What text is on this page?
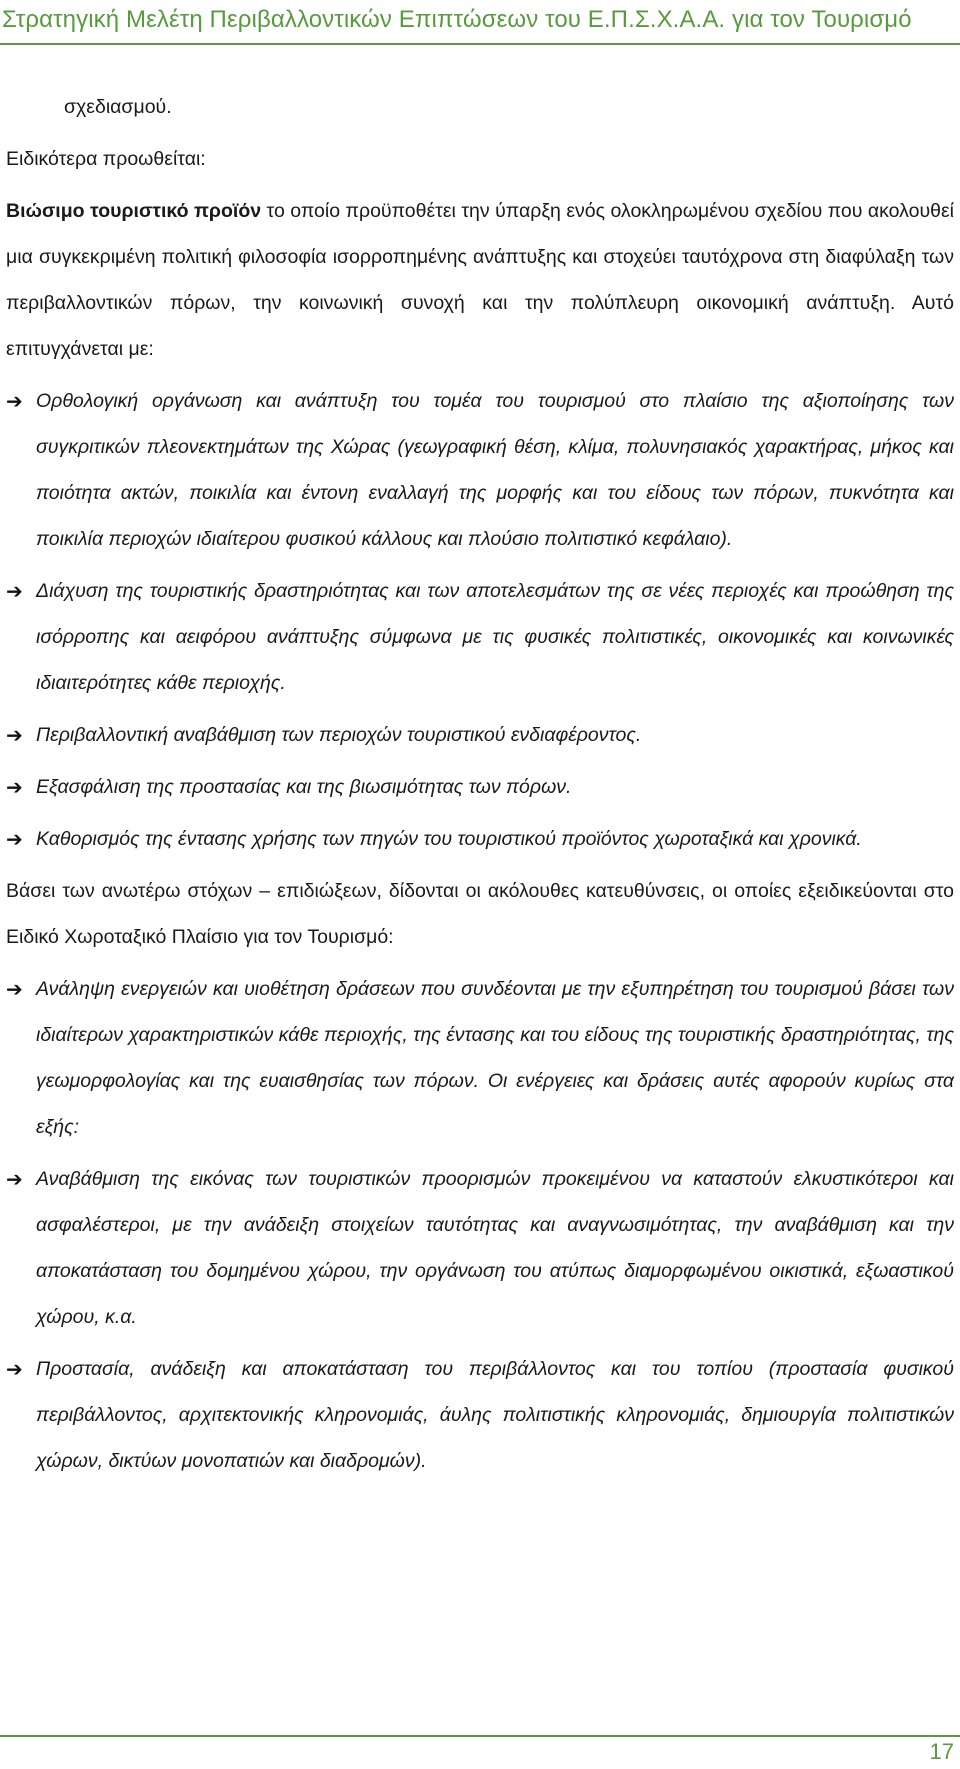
Στρατηγική Μελέτη Περιβαλλοντικών Επιπτώσεων του Ε.Π.Σ.Χ.Α.Α. για τον Τουρισμό

σχεδιασμού.

Ειδικότερα προωθείται:

Βιώσιμο τουριστικό προϊόν το οποίο προϋποθέτει την ύπαρξη ενός ολοκληρωμένου σχεδίου που ακολουθεί μια συγκεκριμένη πολιτική φιλοσοφία ισορροπημένης ανάπτυξης και στοχεύει ταυτόχρονα στη διαφύλαξη των περιβαλλοντικών πόρων, την κοινωνική συνοχή και την πολύπλευρη οικονομική ανάπτυξη. Αυτό επιτυγχάνεται με:

➔ Ορθολογική οργάνωση και ανάπτυξη του τομέα του τουρισμού στο πλαίσιο της αξιοποίησης των συγκριτικών πλεονεκτημάτων της Χώρας (γεωγραφική θέση, κλίμα, πολυνησιακός χαρακτήρας, μήκος και ποιότητα ακτών, ποικιλία και έντονη εναλλαγή της μορφής και του είδους των πόρων, πυκνότητα και ποικιλία περιοχών ιδιαίτερου φυσικού κάλλους και πλούσιο πολιτιστικό κεφάλαιο).

➔ Διάχυση της τουριστικής δραστηριότητας και των αποτελεσμάτων της σε νέες περιοχές και προώθηση της ισόρροπης και αειφόρου ανάπτυξης σύμφωνα με τις φυσικές πολιτιστικές, οικονομικές και κοινωνικές ιδιαιτερότητες κάθε περιοχής.

➔ Περιβαλλοντική αναβάθμιση των περιοχών τουριστικού ενδιαφέροντος.

➔ Εξασφάλιση της προστασίας και της βιωσιμότητας των πόρων.

➔ Καθορισμός της έντασης χρήσης των πηγών του τουριστικού προϊόντος χωροταξικά και χρονικά.

Βάσει των ανωτέρω στόχων – επιδιώξεων, δίδονται οι ακόλουθες κατευθύνσεις, οι οποίες εξειδικεύονται στο Ειδικό Χωροταξικό Πλαίσιο για τον Τουρισμό:

➔ Ανάληψη ενεργειών και υιοθέτηση δράσεων που συνδέονται με την εξυπηρέτηση του τουρισμού βάσει των ιδιαίτερων χαρακτηριστικών κάθε περιοχής, της έντασης και του είδους της τουριστικής δραστηριότητας, της γεωμορφολογίας και της ευαισθησίας των πόρων. Οι ενέργειες και δράσεις αυτές αφορούν κυρίως στα εξής:

➔ Αναβάθμιση της εικόνας των τουριστικών προορισμών προκειμένου να καταστούν ελκυστικότεροι και ασφαλέστεροι, με την ανάδειξη στοιχείων ταυτότητας και αναγνωσιμότητας, την αναβάθμιση και την αποκατάσταση του δομημένου χώρου, την οργάνωση του ατύπως διαμορφωμένου οικιστικά, εξωαστικού χώρου, κ.α.

➔ Προστασία, ανάδειξη και αποκατάσταση του περιβάλλοντος και του τοπίου (προστασία φυσικού περιβάλλοντος, αρχιτεκτονικής κληρονομιάς, άυλης πολιτιστικής κληρονομιάς, δημιουργία πολιτιστικών χώρων, δικτύων μονοπατιών και διαδρομών).

17
